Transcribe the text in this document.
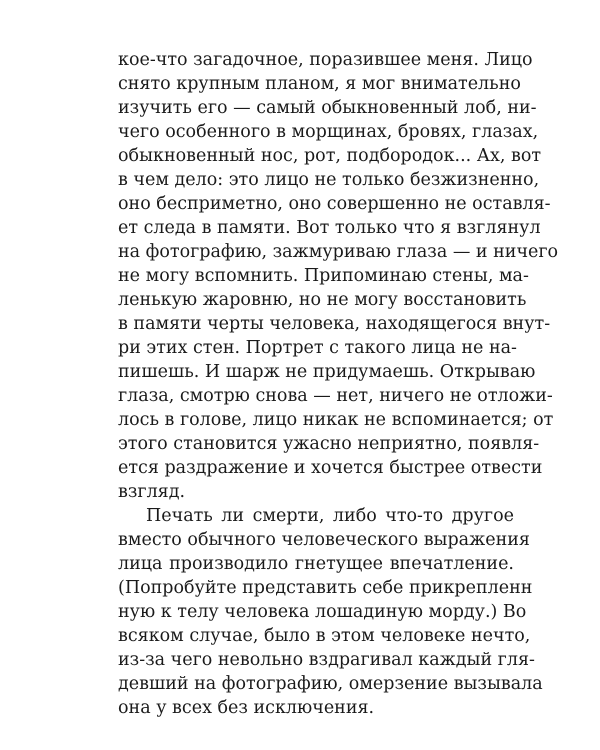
кое-что загадочное, поразившее меня. Лицо
снято крупным планом, я мог внимательно
изучить его — самый обыкновенный лоб, ни-
чего особенного в морщинах, бровях, глазах,
обыкновенный нос, рот, подбородок... Ах, вот
в чем дело: это лицо не только безжизненно,
оно бесприметно, оно совершенно не оставля-
ет следа в памяти. Вот только что я взглянул
на фотографию, зажмуриваю глаза — и ничего
не могу вспомнить. Припоминаю стены, ма-
ленькую жаровню, но не могу восстановить
в памяти черты человека, находящегося внут-
ри этих стен. Портрет с такого лица не на-
пишешь. И шарж не придумаешь. Открываю
глаза, смотрю снова — нет, ничего не отложи-
лось в голове, лицо никак не вспоминается; от
этого становится ужасно неприятно, появля-
ется раздражение и хочется быстрее отвести
взгляд.
Печать ли смерти, либо что-то другое
вместо обычного человеческого выражения
лица производило гнетущее впечатление.
(Попробуйте представить себе прикрепленн
ную к телу человека лошадиную морду.) Во
всяком случае, было в этом человеке нечто,
из-за чего невольно вздрагивал каждый гля-
девший на фотографию, омерзение вызывала
она у всех без исключения.
